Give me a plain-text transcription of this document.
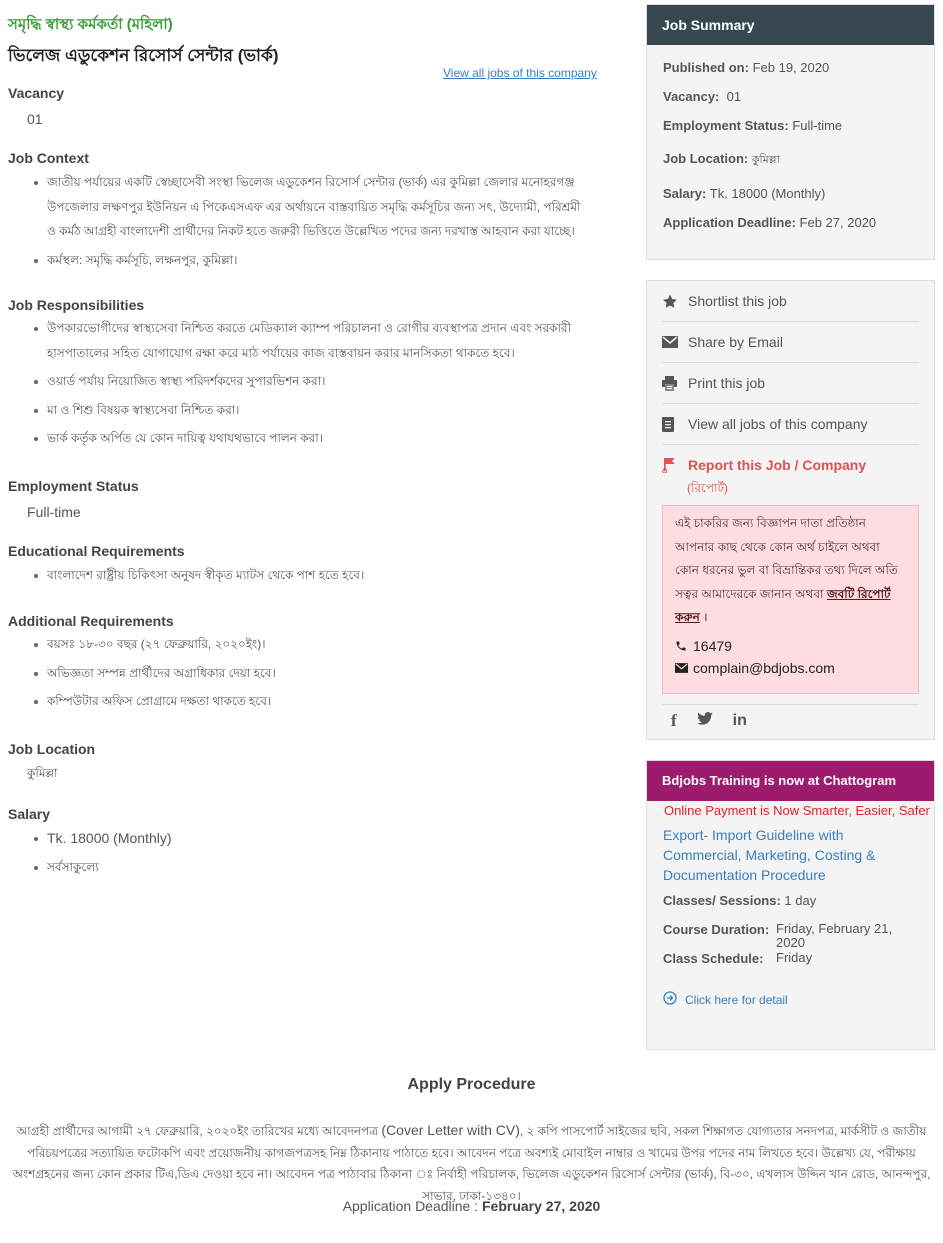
সমৃদ্ধি স্বাস্থ্য কর্মকর্তা (মহিলা)
ভিলেজ এডুকেশন রিসোর্স সেন্টার (ভার্ক)
View all jobs of this company
Vacancy
01
Job Context
জাতীয় পর্যায়ের একটি স্বেচ্ছাসেবী সংস্থা ভিলেজ এডুকেশন রিসোর্স সেন্টার (ভার্ক) এর কুমিল্লা জেলার মনোহরগঞ্জ উপজেলার লক্ষণপুর ইউনিয়ন এ পিকেএসএফ এর অর্থায়নে বাস্তবায়িত সমৃদ্ধি কর্মসূচির জন্য সৎ, উদ্যোমী, পরিশ্রমী ও কর্মঠ আগ্রহী বাংলাদেশী প্রার্থীদের নিকট হতে জরুরী ভিত্তিতে উল্লেখিত পদের জন্য দরখাস্ত আহবান করা যাচ্ছে।
কর্মস্থল: সমৃদ্ধি কর্মসূচি, লক্ষনপুর, কুমিল্লা।
Job Responsibilities
উপকারভোগীদের স্বাস্থ্যসেবা নিশ্চিত করতে মেডিক্যাল ক্যাম্প পরিচালনা ও রোগীর ব্যবস্থাপত্র প্রদান এবং সরকারী হাসপাতালের সহিত যোগাযোগ রক্ষা করে মাঠ পর্যায়ের কাজ বাস্তবায়ন করার মানসিকতা থাকতে হবে।
ওয়ার্ড পর্যায় নিয়োজিত স্বাস্থ্য পরিদর্শকদের সুপারভিশন করা।
মা ও শিশু বিষয়ক স্বাস্থ্যসেবা নিশ্চিত করা।
ভার্ক কর্তৃক অর্পিত যে কোন দায়িত্ব যথাযথভাবে পালন করা।
Employment Status
Full-time
Educational Requirements
বাংলাদেশ রাষ্ট্রীয় চিকিৎসা অনুষদ স্বীকৃত ম্যাটস থেকে পাশ হতে হবে।
Additional Requirements
বয়সঃ ১৮-৩০ বছর (২৭ ফেব্রুয়ারি, ২০২০ইং)।
অভিজ্ঞতা সম্পন্ন প্রার্থীদের অগ্রাধিকার দেয়া হবে।
কম্পিউটার অফিস প্রোগ্রামে দক্ষতা থাকতে হবে।
Job Location
কুমিল্লা
Salary
Tk. 18000 (Monthly)
সর্বসাকুল্যে
Job Summary
Published on: Feb 19, 2020
Vacancy: 01
Employment Status: Full-time
Job Location: কুমিল্লা
Salary: Tk. 18000 (Monthly)
Application Deadline: Feb 27, 2020
Shortlist this job
Share by Email
Print this job
View all jobs of this company
Report this Job / Company
(রিপোর্ট)
এই চাকরির জন্য বিজ্ঞাপন দাতা প্রতিষ্ঠান আপনার কাছ থেকে কোন অর্থ চাইলে অথবা কোন ধরনের ভুল বা বিভ্রান্তিকর তথ্য দিলে অতি সত্বর আমাদেরকে জানান অথবা জবটি রিপোর্ট করুন ।
16479
complain@bdjobs.com
f	in
Bdjobs Training is now at Chattogram
Online Payment is Now Smarter, Easier, Safer
Export- Import Guideline with Commercial, Marketing, Costing & Documentation Procedure
Classes/ Sessions: 1 day
Course Duration: Friday, February 21, 2020
Class Schedule: Friday
Click here for detail
Apply Procedure
আগ্রহী প্রার্থীদের আগামী ২৭ ফেব্রুয়ারি, ২০২০ইং তারিখের মধ্যে আবেদনপত্র (Cover Letter with CV), ২ কপি পাসপোর্ট সাইজের ছবি, সকল শিক্ষাগত যোগ্যতার সনদপত্র, মার্কসীট ও জাতীয় পরিচয়পত্রের সত্যায়িত ফটোকপি এবং প্রয়োজনীয় কাগজপত্রসহ নিম্ন ঠিকানায় পাঠাতে হবে। আবেদন পত্রে অবশ্যই মোবাইল নাম্বার ও খামের উপর পদের নাম লিখতে হবে। উল্লেখ্য যে, পরীক্ষায় অংশগ্রহনের জন্য কোন প্রকার টিএ,ডিএ দেওয়া হবে না। আবেদন পত্র পাঠাবার ঠিকানা ঃ নির্বাহী পরিচালক, ভিলেজ এডুকেশন রিসোর্স সেন্টার (ভার্ক), বি-৩০, এখলাস উদ্দিন খান রোড, আনন্দপুর, সাভার, ঢাকা-১৩৪০।
Application Deadline : February 27, 2020
